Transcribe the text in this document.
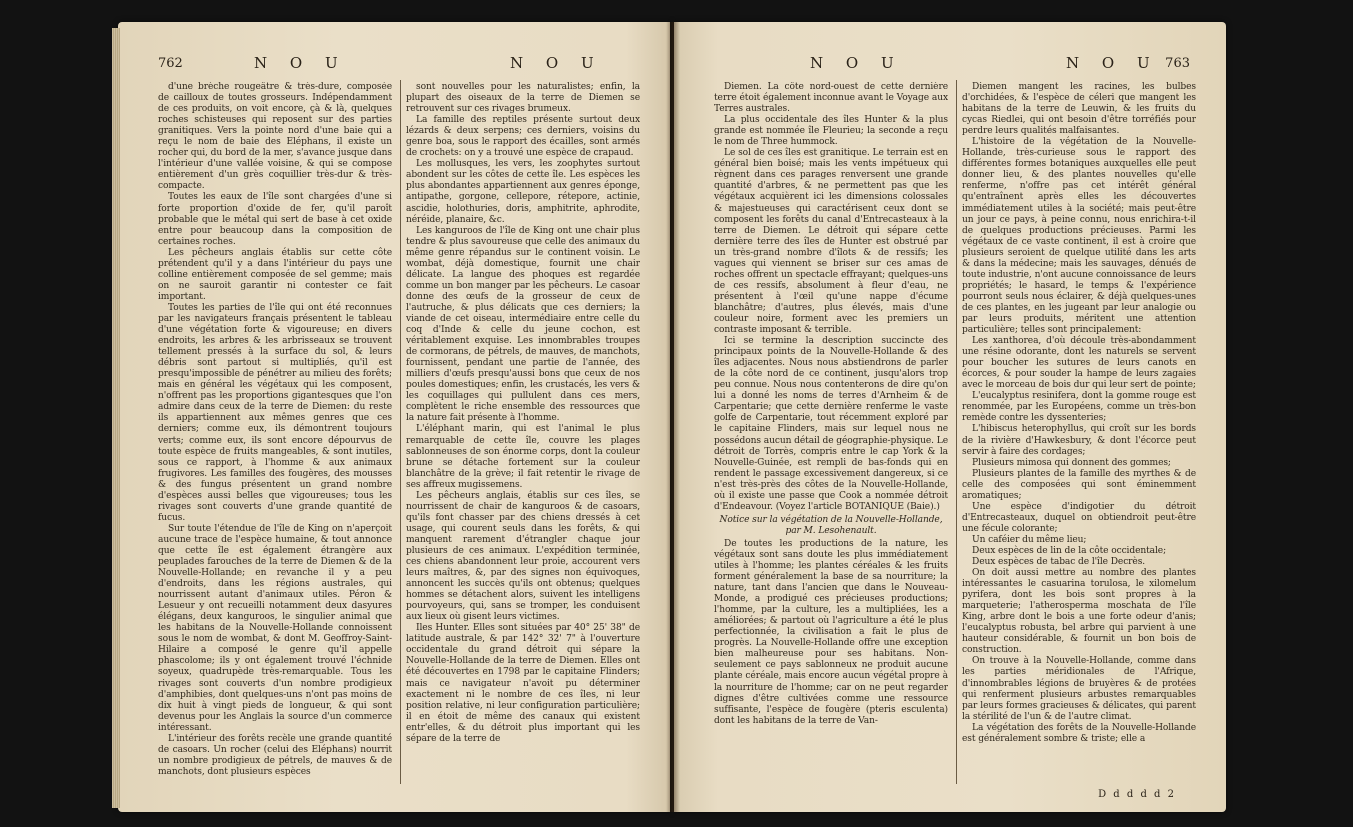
762	N O U	N O U

d'une brèche rougeâtre & très-dure, composée de cailloux de toutes grosseurs. Indépendamment de ces produits, on voit encore, çà & là, quelques roches schisteuses qui reposent sur des parties granitiques. Vers la pointe nord d'une baie qui a reçu le nom de baie des Eléphans, il existe un rocher qui, du bord de la mer, s'avance jusque dans l'intérieur d'une vallée voisine, & qui se compose entièrement d'un grès coquillier très-dur & très-compacte.

Toutes les eaux de l'île sont chargées d'une si forte proportion d'oxide de fer, qu'il paroît probable que le métal qui sert de base à cet oxide entre pour beaucoup dans la composition de certaines roches.

Les pêcheurs anglais établis sur cette côte prétendent qu'il y a dans l'intérieur du pays une colline entièrement composée de sel gemme; mais on ne sauroit garantir ni contester ce fait important.

Toutes les parties de l'île qui ont été reconnues par les navigateurs français présentent le tableau d'une végétation forte & vigoureuse; en divers endroits, les arbres & les arbrisseaux se trouvent tellement pressés à la surface du sol, & leurs débris sont partout si multipliés, qu'il est presqu'impossible de pénétrer au milieu des forêts; mais en général les végétaux qui les composent, n'offrent pas les proportions gigantesques que l'on admire dans ceux de la terre de Diemen: du reste ils appartiennent aux mêmes genres que ces derniers; comme eux, ils démontrent toujours verts; comme eux, ils sont encore dépourvus de toute espèce de fruits mangeables, & sont inutiles, sous ce rapport, à l'homme & aux animaux frugivores. Les familles des fougères, des mousses & des fungus présentent un grand nombre d'espèces aussi belles que vigoureuses; tous les rivages sont couverts d'une grande quantité de fucus.

Sur toute l'étendue de l'île de King on n'aperçoit aucune trace de l'espèce humaine, & tout annonce que cette île est également étrangère aux peuplades farouches de la terre de Diemen & de la Nouvelle-Hollande; en revanche il y a peu d'endroits, dans les régions australes, qui nourrissent autant d'animaux utiles. Péron & Lesueur y ont recueilli notamment deux dasyures élégans, deux kanguroos, le singulier animal que les habitans de la Nouvelle-Hollande connoissent sous le nom de wombat, & dont M. Geoffroy-Saint-Hilaire a composé le genre qu'il appelle phascolome; ils y ont également trouvé l'échnide soyeux, quadrupède très-remarquable. Tous les rivages sont couverts d'un nombre prodigieux d'amphibies, dont quelques-uns n'ont pas moins de dix huit à vingt pieds de longueur, & qui sont devenus pour les Anglais la source d'un commerce intéressant.

L'intérieur des forêts recèle une grande quantité de casoars. Un rocher (celui des Eléphans) nourrit un nombre prodigieux de pétrels, de mauves & de manchots, dont plusieurs espèces

sont nouvelles pour les naturalistes; enfin, la plupart des oiseaux de la terre de Diemen se retrouvent sur ces rivages brumeux.

La famille des reptiles présente surtout deux lézards & deux serpens; ces derniers, voisins du genre boa, sous le rapport des écailles, sont armés de crochets: on y a trouvé une espèce de crapaud.

Les mollusques, les vers, les zoophytes surtout abondent sur les côtes de cette île. Les espèces les plus abondantes appartiennent aux genres éponge, antipathe, gorgone, cellepore, rétepore, actinie, ascidie, holothuries, doris, amphitrite, aphrodite, néréide, planaire, &c.

Les kanguroos de l'île de King ont une chair plus tendre & plus savoureuse que celle des animaux du même genre répandus sur le continent voisin. Le wombat, déjà domestique, fournit une chair délicate. La langue des phoques est regardée comme un bon manger par les pêcheurs. Le casoar donne des œufs de la grosseur de ceux de l'autruche, & plus délicats que ces derniers; la viande de cet oiseau, intermédiaire entre celle du coq d'Inde & celle du jeune cochon, est véritablement exquise. Les innombrables troupes de cormorans, de pétrels, de mauves, de manchots, fournissent, pendant une partie de l'année, des milliers d'œufs presqu'aussi bons que ceux de nos poules domestiques; enfin, les crustacés, les vers & les coquillages qui pullulent dans ces mers, complètent le riche ensemble des ressources que la nature fait présente à l'homme.

L'éléphant marin, qui est l'animal le plus remarquable de cette île, couvre les plages sablonneuses de son énorme corps, dont la couleur brune se détache fortement sur la couleur blanchâtre de la grève; il fait retentir le rivage de ses affreux mugissemens.

Les pêcheurs anglais, établis sur ces îles, se nourrissent de chair de kanguroos & de casoars, qu'ils font chasser par des chiens dressés à cet usage, qui courent seuls dans les forêts, & qui manquent rarement d'étrangler chaque jour plusieurs de ces animaux. L'expédition terminée, ces chiens abandonnent leur proie, accourent vers leurs maîtres, &, par des signes non équivoques, annoncent les succès qu'ils ont obtenus; quelques hommes se détachent alors, suivent les intelligens pourvoyeurs, qui, sans se tromper, les conduisent aux lieux où gisent leurs victimes.

Iles Hunter. Elles sont situées par 40° 25' 38" de latitude australe, & par 142° 32' 7" à l'ouverture occidentale du grand détroit qui sépare la Nouvelle-Hollande de la terre de Diemen. Elles ont été découvertes en 1798 par le capitaine Flinders; mais ce navigateur n'avoit pu déterminer exactement ni le nombre de ces îles, ni leur position relative, ni leur configuration particulière; il en étoit de même des canaux qui existent entr'elles, & du détroit plus important qui les sépare de la terre de

N O U	N O U 763

Diemen. La côte nord-ouest de cette dernière terre étoit également inconnue avant le Voyage aux Terres australes.

La plus occidentale des îles Hunter & la plus grande est nommée île Fleurieu; la seconde a reçu le nom de Three hummock.

Le sol de ces îles est granitique. Le terrain est en général bien boisé; mais les vents impétueux qui règnent dans ces parages renversent une grande quantité d'arbres, & ne permettent pas que les végétaux acquièrent ici les dimensions colossales & majestueuses qui caractérisent ceux dont se composent les forêts du canal d'Entrecasteaux à la terre de Diemen. Le détroit qui sépare cette dernière terre des îles de Hunter est obstrué par un très-grand nombre d'îlots & de ressifs; les vagues qui viennent se briser sur ces amas de roches offrent un spectacle effrayant; quelques-uns de ces ressifs, absolument à fleur d'eau, ne présentent à l'œil qu'une nappe d'écume blanchâtre; d'autres, plus élevés, mais d'une couleur noire, forment avec les premiers un contraste imposant & terrible.

Ici se termine la description succincte des principaux points de la Nouvelle-Hollande & des îles adjacentes. Nous nous abstiendrons de parler de la côte nord de ce continent, jusqu'alors trop peu connue. Nous nous contenterons de dire qu'on lui a donné les noms de terres d'Arnheim & de Carpentarie; que cette dernière renferme le vaste golfe de Carpentarie, tout récemment exploré par le capitaine Flinders, mais sur lequel nous ne possédons aucun détail de géographie-physique. Le détroit de Torrès, compris entre le cap York & la Nouvelle-Guinée, est rempli de bas-fonds qui en rendent le passage excessivement dangereux, si ce n'est très-près des côtes de la Nouvelle-Hollande, où il existe une passe que Cook a nommée détroit d'Endeavour. (Voyez l'article BOTANIQUE (Baie).)

Notice sur la végétation de la Nouvelle-Hollande, par M. Lesohenault.

De toutes les productions de la nature, les végétaux sont sans doute les plus immédiatement utiles à l'homme; les plantes céréales & les fruits forment généralement la base de sa nourriture; la nature, tant dans l'ancien que dans le Nouveau-Monde, a prodigué ces précieuses productions; l'homme, par la culture, les a multipliées, les a améliorées; & partout où l'agriculture a été le plus perfectionnée, la civilisation a fait le plus de progrès. La Nouvelle-Hollande offre une exception bien malheureuse pour ses habitans. Non-seulement ce pays sablonneux ne produit aucune plante céréale, mais encore aucun végétal propre à la nourriture de l'homme; car on ne peut regarder dignes d'être cultivées comme une ressource suffisante, l'espèce de fougère (pteris esculenta) dont les habitans de la terre de Van-

Diemen mangent les racines, les bulbes d'orchidées, & l'espèce de céleri que mangent les habitans de la terre de Leuwin, & les fruits du cycas Riedlei, qui ont besoin d'être torréfiés pour perdre leurs qualités malfaisantes.

L'histoire de la végétation de la Nouvelle-Hollande, très-curieuse sous le rapport des différentes formes botaniques auxquelles elle peut donner lieu, & des plantes nouvelles qu'elle renferme, n'offre pas cet intérêt général qu'entraînent après elles les découvertes immédiatement utiles à la société; mais peut-être un jour ce pays, à peine connu, nous enrichira-t-il de quelques productions précieuses. Parmi les végétaux de ce vaste continent, il est à croire que plusieurs seroient de quelque utilité dans les arts & dans la médecine; mais les sauvages, dénués de toute industrie, n'ont aucune connoissance de leurs propriétés; le hasard, le temps & l'expérience pourront seuls nous éclairer, & déjà quelques-unes de ces plantes, en les jugeant par leur analogie ou par leurs produits, méritent une attention particulière; telles sont principalement:

Les xanthorea, d'où découle très-abondamment une résine odorante, dont les naturels se servent pour boucher les sutures de leurs canots en écorces, & pour souder la hampe de leurs zagaies avec le morceau de bois dur qui leur sert de pointe;

L'eucalyptus resinifera, dont la gomme rouge est renommée, par les Européens, comme un très-bon remède contre les dyssenteries;

L'hibiscus heterophyllus, qui croît sur les bords de la rivière d'Hawkesbury, & dont l'écorce peut servir à faire des cordages;

Plusieurs mimosa qui donnent des gommes;

Plusieurs plantes de la famille des myrthes & de celle des composées qui sont éminemment aromatiques;

Une espèce d'indigotier du détroit d'Entrecasteaux, duquel on obtiendroit peut-être une fécule colorante;

Un caféier du même lieu;

Deux espèces de lin de la côte occidentale;

Deux espèces de tabac de l'île Decrès.

On doit aussi mettre au nombre des plantes intéressantes le casuarina torulosa, le xilomelum pyrifera, dont les bois sont propres à la marqueterie; l'atherosperma moschata de l'île King, arbre dont le bois a une forte odeur d'anis; l'eucalyptus robusta, bel arbre qui parvient à une hauteur considérable, & fournit un bon bois de construction.

On trouve à la Nouvelle-Hollande, comme dans les parties méridionales de l'Afrique, d'innombrables légions de bruyères & de protées qui renferment plusieurs arbustes remarquables par leurs formes gracieuses & délicates, qui parent la stérilité de l'un & de l'autre climat.

La végétation des forêts de la Nouvelle-Hollande est généralement sombre & triste; elle a

D d d d d 2
